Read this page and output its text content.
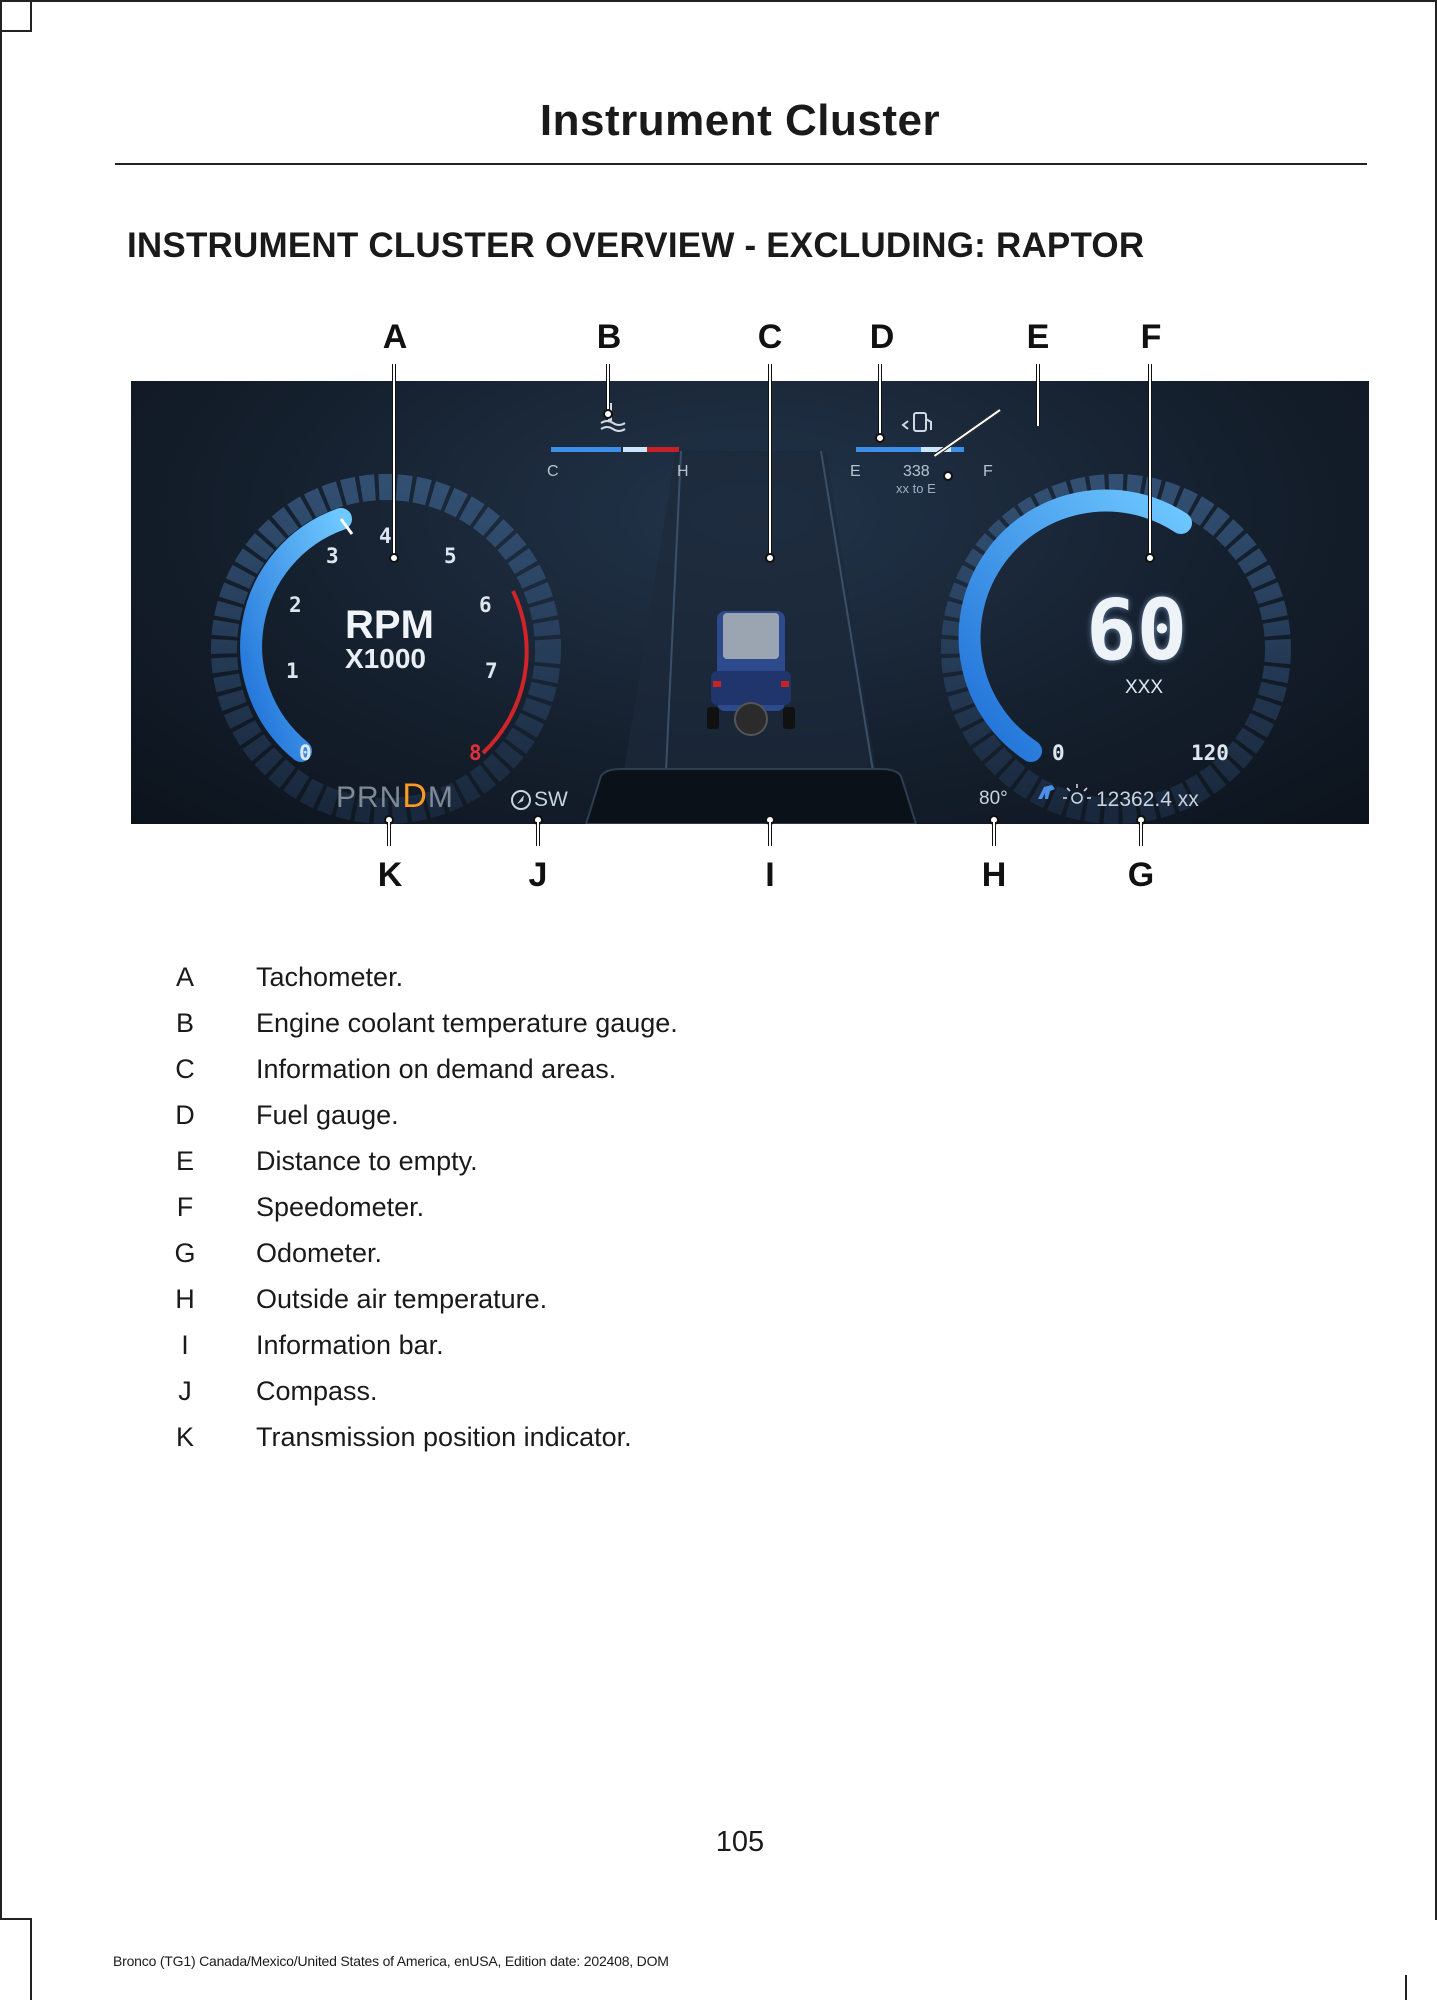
Instrument Cluster
INSTRUMENT CLUSTER OVERVIEW - EXCLUDING: RAPTOR
A	B	C	D	E	F
K	J	I	H	G
0
1
2
3
4
5
6
7
8
RPM
X1000
C	H	E	338	F
xx to E
60
XXX
0	120
PRNDM	SW	80°	12362.4 xx
A Tachometer.
B Engine coolant temperature gauge.
C Information on demand areas.
D Fuel gauge.
E Distance to empty.
F Speedometer.
G Odometer.
H Outside air temperature.
I	Information bar.
J	Compass.
K Transmission position indicator.
105
Bronco (TG1) Canada/Mexico/United States of America, enUSA, Edition date: 202408, DOM
